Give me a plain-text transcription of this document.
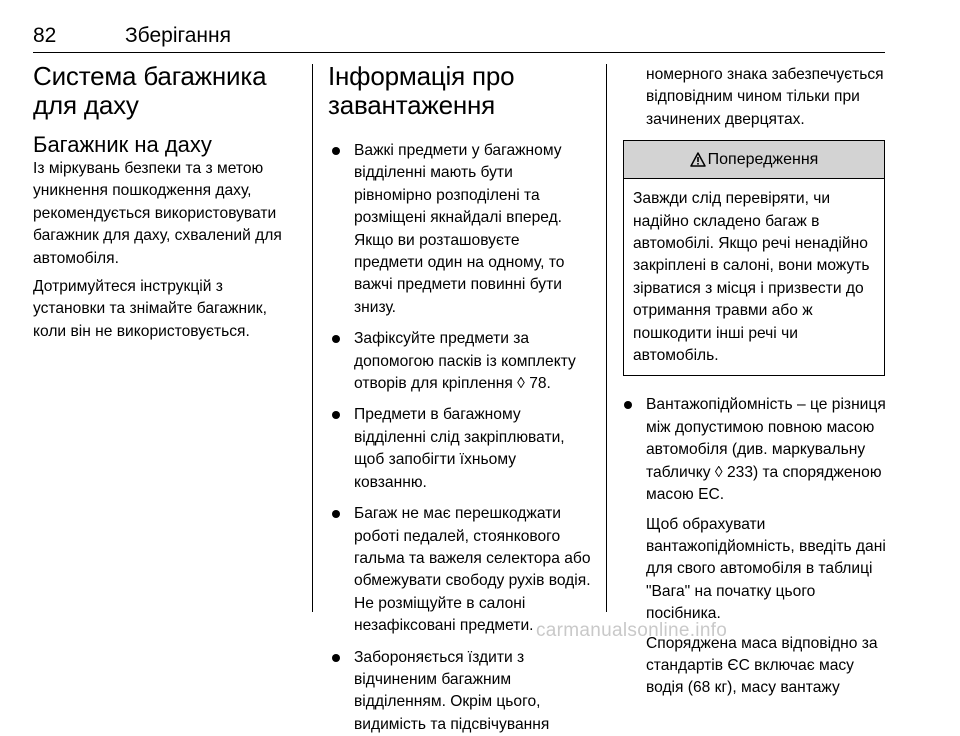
82	Зберігання
Система багажника для даху
Багажник на даху

Із міркувань безпеки та з метою уникнення пошкодження даху, рекомендується використовувати багажник для даху, схвалений для автомобіля.

Дотримуйтеся інструкцій з установки та знімайте багажник, коли він не використовується.

Інформація про завантаження
Важкі предмети у багажному відділенні мають бути рівномірно розподілені та розміщені якнайдалі вперед. Якщо ви розташовуєте предмети один на одному, то важчі предмети повинні бути знизу.
Зафіксуйте предмети за допомогою пасків із комплекту отворів для кріплення ◊ 78.
Предмети в багажному відділенні слід закріплювати, щоб запобігти їхньому ковзанню.
Багаж не має перешкоджати роботі педалей, стоянкового гальма та важеля селектора або обмежувати свободу рухів водія. Не розміщуйте в салоні незафіксовані предмети.
Забороняється їздити з відчиненим багажним відділенням. Окрім цього, видимість та підсвічування

номерного знака забезпечується відповідним чином тільки при зачинених дверцятах.

Попередження
Завжди слід перевіряти, чи надійно складено багаж в автомобілі. Якщо речі ненадійно закріплені в салоні, вони можуть зірватися з місця і призвести до отримання травми або ж пошкодити інші речі чи автомобіль.
Вантажопідйомність – це різниця між допустимою повною масою автомобіля (див. маркувальну табличку ◊ 233) та спорядженою масою ЕС.

Щоб обрахувати вантажопідйомність, введіть дані для свого автомобіля в таблиці "Вага" на початку цього посібника.

Споряджена маса відповідно за стандартів ЄС включає масу водія (68 кг), масу вантажу

carmanualsonline.info
